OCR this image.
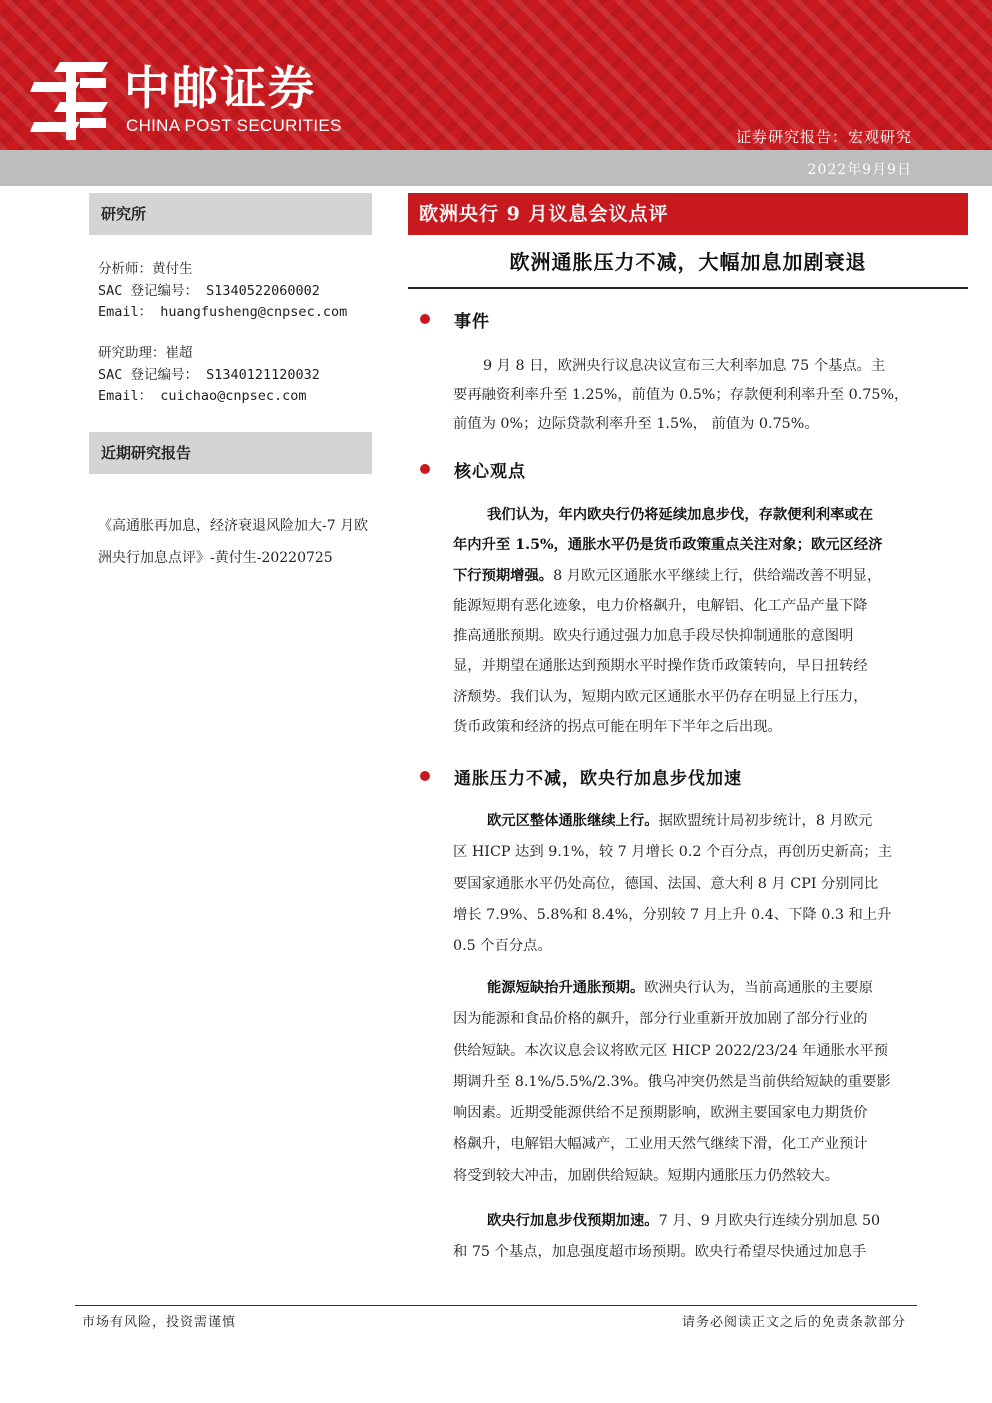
中邮证券
CHINA POST SECURITIES
证券研究报告：宏观研究
2022年9月9日
研究所
分析师：黄付生
SAC 登记编号： S1340522060002
Email： huangfusheng@cnpsec.com
研究助理：崔超
SAC 登记编号： S1340121120032
Email： cuichao@cnpsec.com
近期研究报告
《高通胀再加息，经济衰退风险加大-7 月欧洲央行加息点评》-黄付生-20220725
欧洲央行 9 月议息会议点评
欧洲通胀压力不减，大幅加息加剧衰退
事件
9 月 8 日，欧洲央行议息决议宣布三大利率加息 75 个基点。主
要再融资利率升至 1.25%，前值为 0.5%；存款便利利率升至 0.75%，
前值为 0%；边际贷款利率升至 1.5%， 前值为 0.75%。
核心观点
我们认为，年内欧央行仍将延续加息步伐，存款便利利率或在
年内升至 1.5%，通胀水平仍是货币政策重点关注对象；欧元区经济
下行预期增强。8 月欧元区通胀水平继续上行，供给端改善不明显，
能源短期有恶化迹象，电力价格飙升，电解铝、化工产品产量下降
推高通胀预期。欧央行通过强力加息手段尽快抑制通胀的意图明
显，并期望在通胀达到预期水平时操作货币政策转向，早日扭转经
济颓势。我们认为，短期内欧元区通胀水平仍存在明显上行压力，
货币政策和经济的拐点可能在明年下半年之后出现。
通胀压力不减，欧央行加息步伐加速
欧元区整体通胀继续上行。据欧盟统计局初步统计，8 月欧元
区 HICP 达到 9.1%，较 7 月增长 0.2 个百分点，再创历史新高；主
要国家通胀水平仍处高位，德国、法国、意大利 8 月 CPI 分别同比
增长 7.9%、5.8%和 8.4%，分别较 7 月上升 0.4、下降 0.3 和上升
0.5 个百分点。
能源短缺抬升通胀预期。欧洲央行认为，当前高通胀的主要原
因为能源和食品价格的飙升，部分行业重新开放加剧了部分行业的
供给短缺。本次议息会议将欧元区 HICP 2022/23/24 年通胀水平预
期调升至 8.1%/5.5%/2.3%。俄乌冲突仍然是当前供给短缺的重要影
响因素。近期受能源供给不足预期影响，欧洲主要国家电力期货价
格飙升，电解铝大幅减产，工业用天然气继续下滑，化工产业预计
将受到较大冲击，加剧供给短缺。短期内通胀压力仍然较大。
欧央行加息步伐预期加速。7 月、9 月欧央行连续分别加息 50
和 75 个基点，加息强度超市场预期。欧央行希望尽快通过加息手
市场有风险，投资需谨慎	请务必阅读正文之后的免责条款部分
